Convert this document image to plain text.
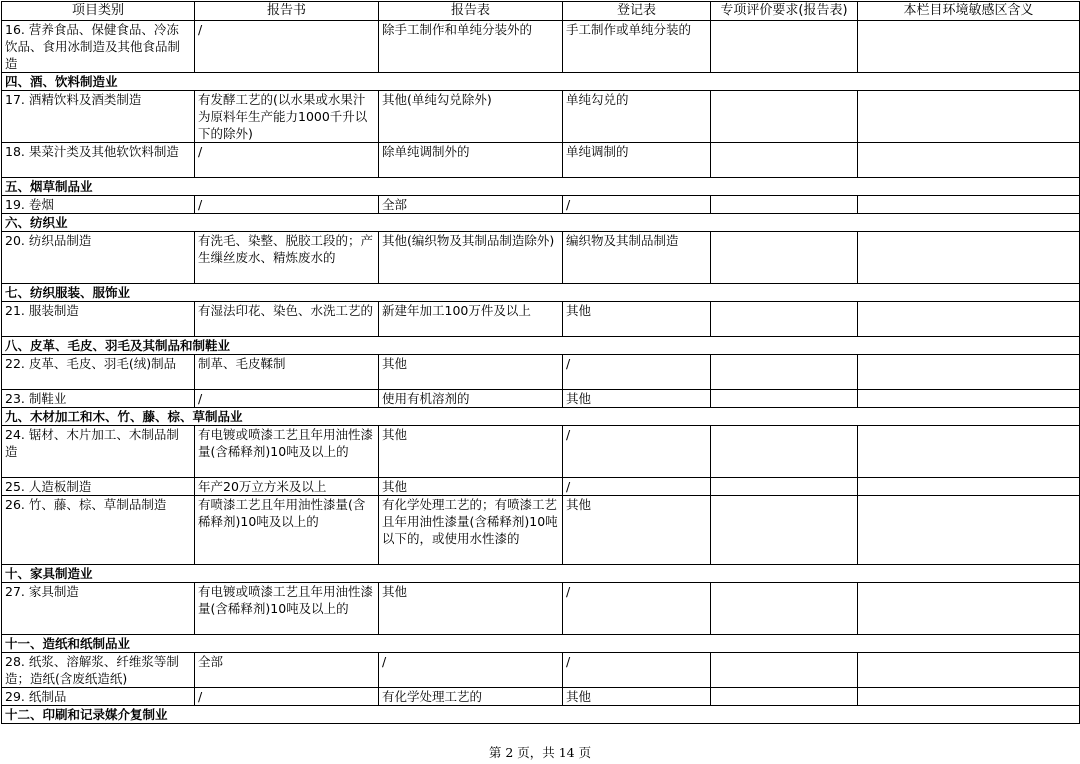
项目类别	报告书	报告表	登记表	专项评价要求(报告表)	本栏目环境敏感区含义
16. 营养食品、保健食品、冷冻饮品、食用冰制造及其他食品制造	/	除手工制作和单纯分装外的	手工制作或单纯分装的		
四、酒、饮料制造业					
17. 酒精饮料及酒类制造	有发酵工艺的(以水果或水果汁为原料年生产能力1000千升以下的除外)	其他(单纯勾兑除外)	单纯勾兑的		
18. 果菜汁类及其他软饮料制造	/	除单纯调制外的	单纯调制的		
五、烟草制品业					
19. 卷烟	/	全部	/		
六、纺织业					
20. 纺织品制造	有洗毛、染整、脱胶工段的；产生缫丝废水、精炼废水的	其他(编织物及其制品制造除外)	编织物及其制品制造		
七、纺织服装、服饰业					
21. 服装制造	有湿法印花、染色、水洗工艺的	新建年加工100万件及以上	其他		
八、皮革、毛皮、羽毛及其制品和制鞋业					
22. 皮革、毛皮、羽毛(绒)制品	制革、毛皮鞣制	其他	/		
23. 制鞋业	/	使用有机溶剂的	其他		
九、木材加工和木、竹、藤、棕、草制品业					
24. 锯材、木片加工、木制品制造	有电镀或喷漆工艺且年用油性漆量(含稀释剂)10吨及以上的	其他	/		
25. 人造板制造	年产20万立方米及以上	其他	/		
26. 竹、藤、棕、草制品制造	有喷漆工艺且年用油性漆量(含稀释剂)10吨及以上的	有化学处理工艺的；有喷漆工艺且年用油性漆量(含稀释剂)10吨以下的，或使用水性漆的	其他		
十、家具制造业					
27. 家具制造	有电镀或喷漆工艺且年用油性漆量(含稀释剂)10吨及以上的	其他	/		
十一、造纸和纸制品业					
28. 纸浆、溶解浆、纤维浆等制造；造纸(含废纸造纸)	全部	/	/		
29. 纸制品	/	有化学处理工艺的	其他		
十二、印刷和记录媒介复制业					
第 2 页，共 14 页
